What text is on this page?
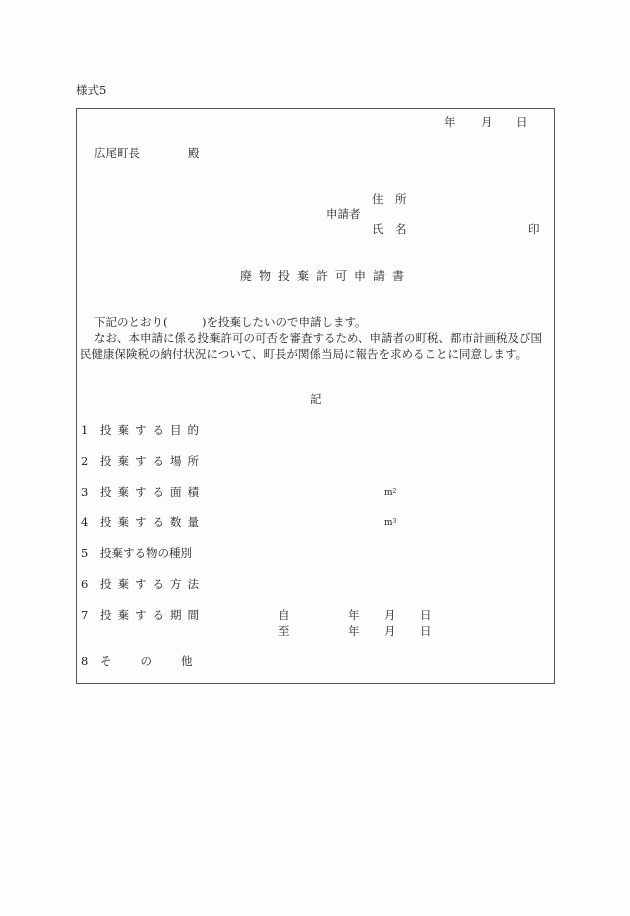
様式5
年 月 日
広尾町長	殿
住　所
申請者
氏　名	印
廃物投棄許可申請書
下記のとおり(　　　)を投棄したいので申請します。
なお、本申請に係る投棄許可の可否を審査するため、申請者の町税、都市計画税及び国
民健康保険税の納付状況について、町長が関係当局に報告を求めることに同意します。
記
1 投棄する目的
2 投棄する場所
3 投棄する面積	$m^2$
4 投棄する数量	$m^3$
5 投棄する物の種別
6 投棄する方法
7 投棄する期間	自	年 月 日
至	年 月 日
8 そ　　の　　他
